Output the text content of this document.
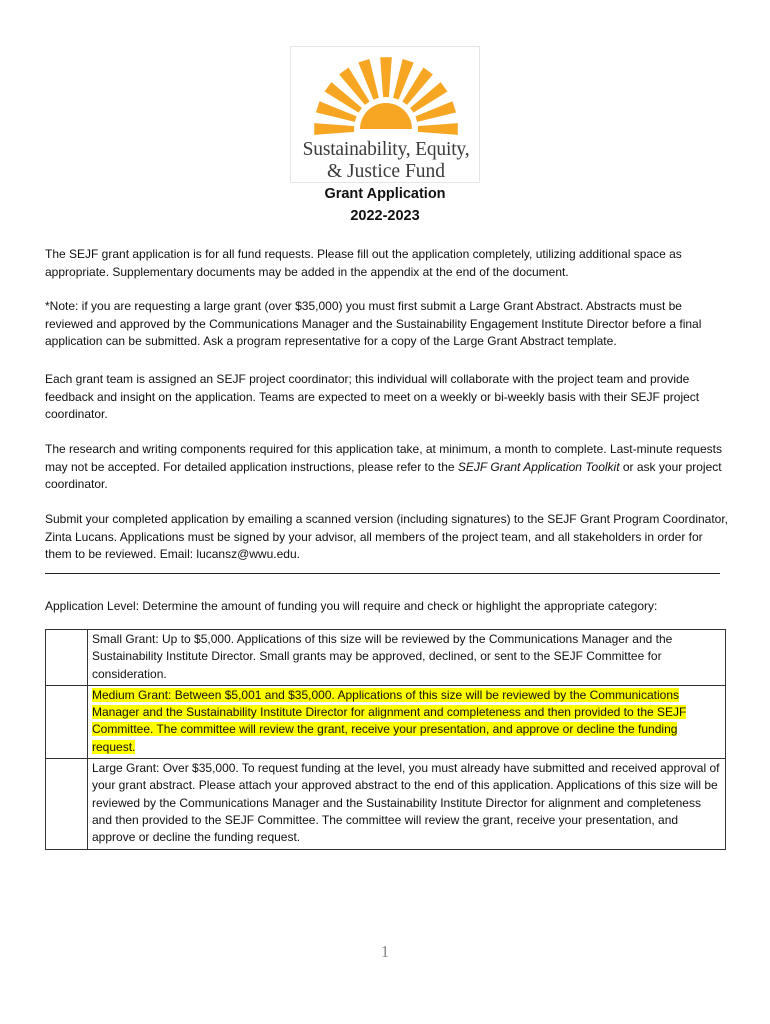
Sustainability, Equity,
& Justice Fund
Grant Application
2022-2023
The SEJF grant application is for all fund requests. Please fill out the application completely, utilizing additional space as appropriate. Supplementary documents may be added in the appendix at the end of the document.
*Note: if you are requesting a large grant (over $35,000) you must first submit a Large Grant Abstract. Abstracts must be reviewed and approved by the Communications Manager and the Sustainability Engagement Institute Director before a final application can be submitted. Ask a program representative for a copy of the Large Grant Abstract template.
Each grant team is assigned an SEJF project coordinator; this individual will collaborate with the project team and provide feedback and insight on the application. Teams are expected to meet on a weekly or bi-weekly basis with their SEJF project coordinator.
The research and writing components required for this application take, at minimum, a month to complete. Last-minute requests may not be accepted. For detailed application instructions, please refer to the SEJF Grant Application Toolkit or ask your project coordinator.
Submit your completed application by emailing a scanned version (including signatures) to the SEJF Grant Program Coordinator, Zinta Lucans. Applications must be signed by your advisor, all members of the project team, and all stakeholders in order for them to be reviewed. Email: lucansz@wwu.edu.
Application Level: Determine the amount of funding you will require and check or highlight the appropriate category:
	Small Grant: Up to $5,000. Applications of this size will be reviewed by the Communications Manager and the Sustainability Institute Director. Small grants may be approved, declined, or sent to the SEJF Committee for consideration.
	Medium Grant: Between $5,001 and $35,000. Applications of this size will be reviewed by the Communications Manager and the Sustainability Institute Director for alignment and completeness and then provided to the SEJF Committee. The committee will review the grant, receive your presentation, and approve or decline the funding request.
	Large Grant: Over $35,000. To request funding at the level, you must already have submitted and received approval of your grant abstract. Please attach your approved abstract to the end of this application. Applications of this size will be reviewed by the Communications Manager and the Sustainability Institute Director for alignment and completeness and then provided to the SEJF Committee. The committee will review the grant, receive your presentation, and approve or decline the funding request.
1
